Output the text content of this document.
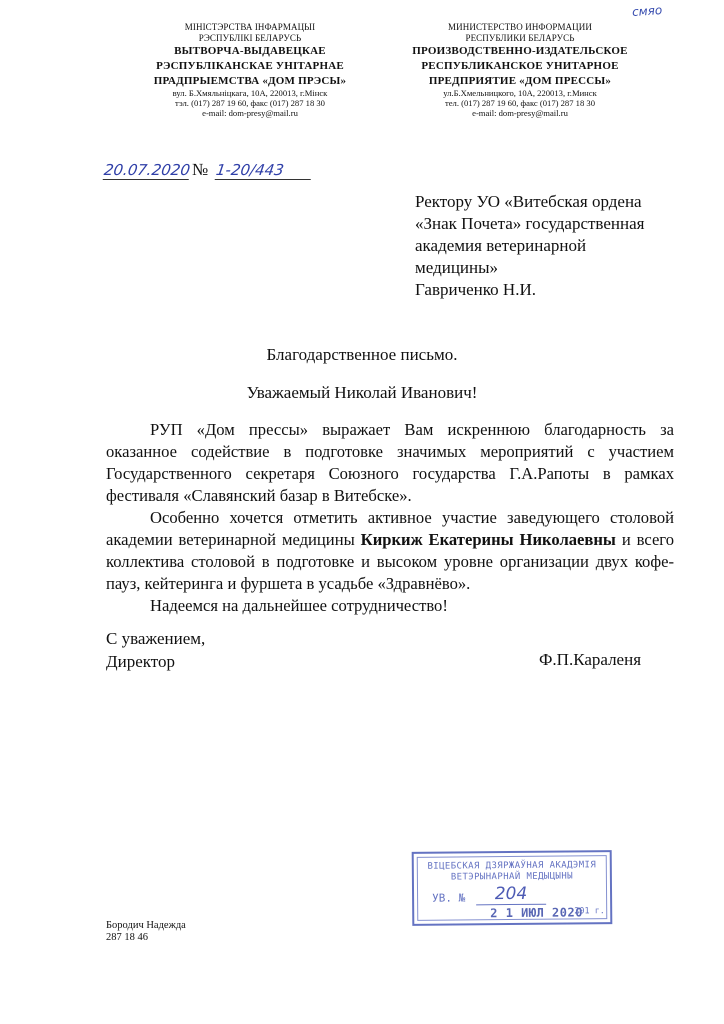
МІНІСТЭРСТВА ІНФАРМАЦЫІ
РЭСПУБЛІКІ БЕЛАРУСЬ
ВЫТВОРЧА-ВЫДАВЕЦКАЕ
РЭСПУБЛІКАНСКАЕ УНІТАРНАЕ
ПРАДПРЫЕМСТВА «ДОМ ПРЭСЫ»
вул. Б.Хмяльніцкага, 10А, 220013, г.Мінск
тэл. (017) 287 19 60, факс (017) 287 18 30
e-mail: dom-presy@mail.ru
МИНИСТЕРСТВО ИНФОРМАЦИИ
РЕСПУБЛИКИ БЕЛАРУСЬ
ПРОИЗВОДСТВЕННО-ИЗДАТЕЛЬСКОЕ
РЕСПУБЛИКАНСКОЕ УНИТАРНОЕ
ПРЕДПРИЯТИЕ «ДОМ ПРЕССЫ»
ул.Б.Хмельницкого, 10А, 220013, г.Минск
тел. (017) 287 19 60, факс (017) 287 18 30
e-mail: dom-presy@mail.ru
смяо
20.07.2020 № 1-20/443
Ректору УО «Витебская ордена
«Знак Почета» государственная
академия ветеринарной
медицины»
Гавриченко Н.И.
Благодарственное письмо.
Уважаемый Николай Иванович!

РУП «Дом прессы» выражает Вам искреннюю благодарность за оказанное содействие в подготовке значимых мероприятий с участием Государственного секретаря Союзного государства Г.А.Рапоты в рамках фестиваля «Славянский базар в Витебске».

Особенно хочется отметить активное участие заведующего столовой академии ветеринарной медицины Киркиж Екатерины Николаевны и всего коллектива столовой в подготовке и высоком уровне организации двух кофе-пауз, кейтеринга и фуршета в усадьбе «Здравнёво».

Надеемся на дальнейшее сотрудничество!

С уважением,
Директор	Ф.П.Караленя
ВІЦЕБСКАЯ ДЗЯРЖАЎНАЯ АКАДЭМІЯ
ВЕТЭРЫНАРНАЙ МЕДЫЦЫНЫ
УВ. №	204
2 1 ИЮЛ 2020
201 г.
Бородич Надежда
287 18 46
